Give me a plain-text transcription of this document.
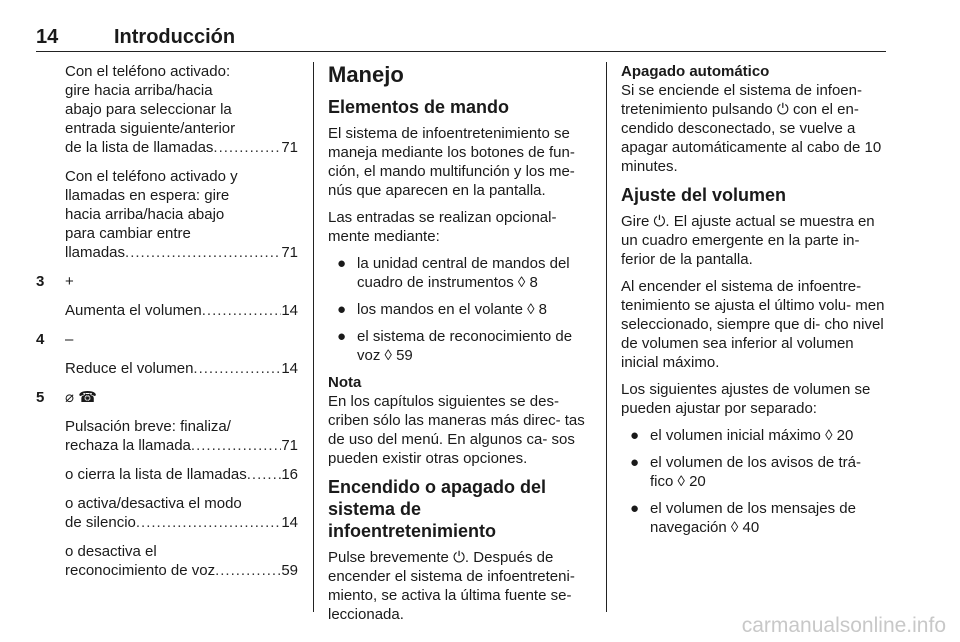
14	Introducción
Con el teléfono activado:
gire hacia arriba/hacia
abajo para seleccionar la
entrada siguiente/anterior
de la lista de llamadas .....	71
Con el teléfono activado y
llamadas en espera: gire
hacia arriba/hacia abajo
para cambiar entre
llamadas .....	71
3 +
Aumenta el volumen .....	14
4 –
Reduce el volumen .....	14
5 ⌀ ☎
Pulsación breve: finaliza/
rechaza la llamada .....	71
o cierra la lista de llamadas ..... 16
o activa/desactiva el modo
de silencio .....	14
o desactiva el
reconocimiento de voz .....	59
Manejo
Elementos de mando

El sistema de infoentretenimiento se maneja mediante los botones de fun- ción, el mando multifunción y los me- nús que aparecen en la pantalla.

Las entradas se realizan opcional- mente mediante:

● la unidad central de mandos del cuadro de instrumentos ◊ 8
● los mandos en el volante ◊ 8
● el sistema de reconocimiento de voz ◊ 59
Nota

En los capítulos siguientes se des- criben sólo las maneras más direc- tas de uso del menú. En algunos ca- sos pueden existir otras opciones.

Encendido o apagado del sistema de infoentretenimiento

Pulse brevemente ⏻. Después de encender el sistema de infoentreteni- miento, se activa la última fuente se- leccionada.

Apagado automático

Si se enciende el sistema de infoen- tretenimiento pulsando ⏻ con el en- cendido desconectado, se vuelve a apagar automáticamente al cabo de 10 minutes.

Ajuste del volumen

Gire ⏻. El ajuste actual se muestra en un cuadro emergente en la parte in- ferior de la pantalla.

Al encender el sistema de infoentre- tenimiento se ajusta el último volu- men seleccionado, siempre que di- cho nivel de volumen sea inferior al volumen inicial máximo.

Los siguientes ajustes de volumen se pueden ajustar por separado:

● el volumen inicial máximo ◊ 20
● el volumen de los avisos de trá- fico ◊ 20
● el volumen de los mensajes de navegación ◊ 40
carmanualsonline.info
